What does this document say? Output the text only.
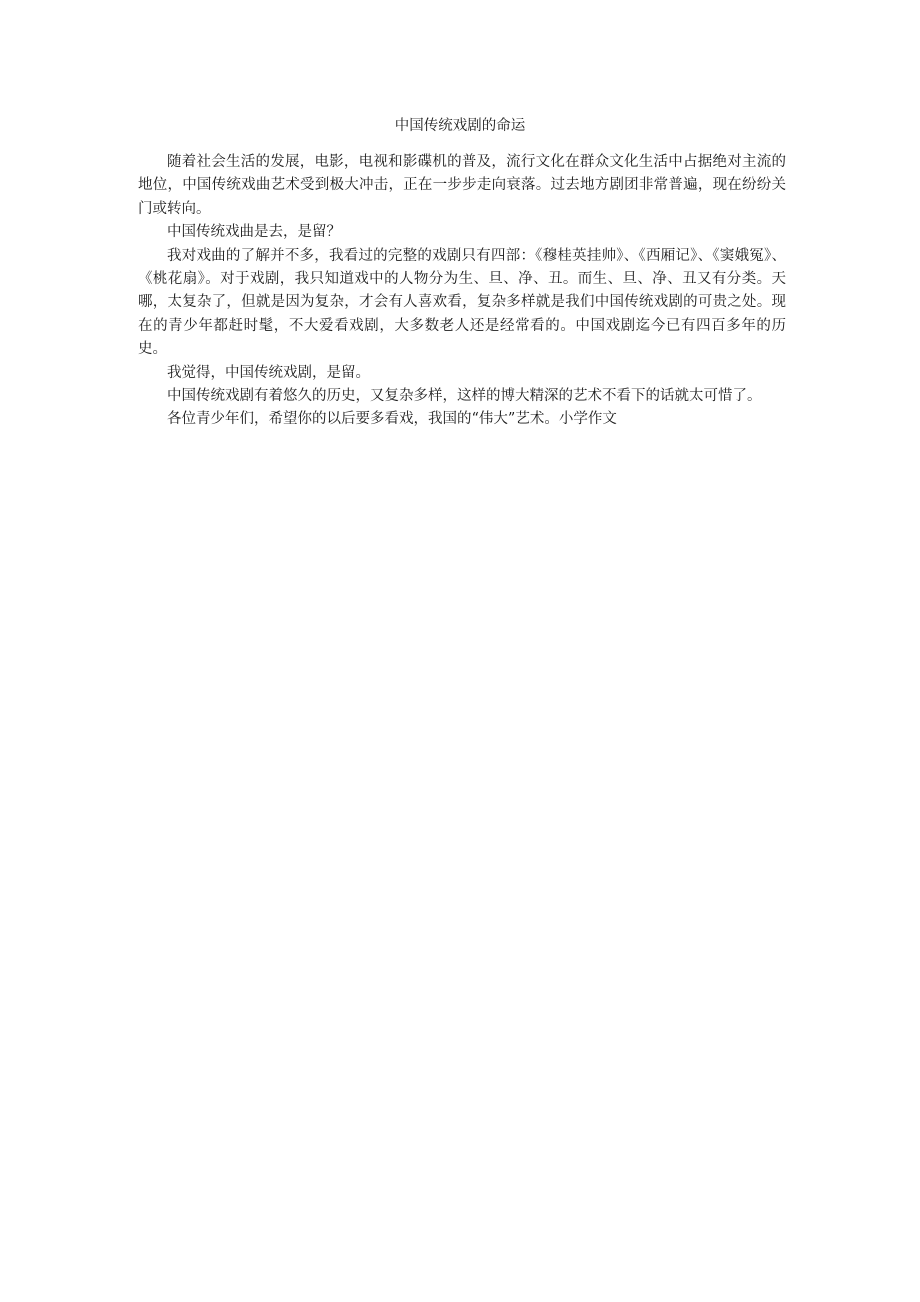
中国传统戏剧的命运

随着社会生活的发展，电影，电视和影碟机的普及，流行文化在群众文化生活中占据绝对主流的地位，中国传统戏曲艺术受到极大冲击，正在一步步走向衰落。过去地方剧团非常普遍，现在纷纷关门或转向。

中国传统戏曲是去，是留？

我对戏曲的了解并不多，我看过的完整的戏剧只有四部：《穆桂英挂帅》、《西厢记》、《窦娥冤》、《桃花扇》。对于戏剧，我只知道戏中的人物分为生、旦、净、丑。而生、旦、净、丑又有分类。天哪，太复杂了，但就是因为复杂，才会有人喜欢看，复杂多样就是我们中国传统戏剧的可贵之处。现在的青少年都赶时髦，不大爱看戏剧，大多数老人还是经常看的。中国戏剧迄今已有四百多年的历史。

我觉得，中国传统戏剧，是留。

中国传统戏剧有着悠久的历史，又复杂多样，这样的博大精深的艺术不看下的话就太可惜了。

各位青少年们，希望你的以后要多看戏，我国的“伟大”艺术。小学作文
